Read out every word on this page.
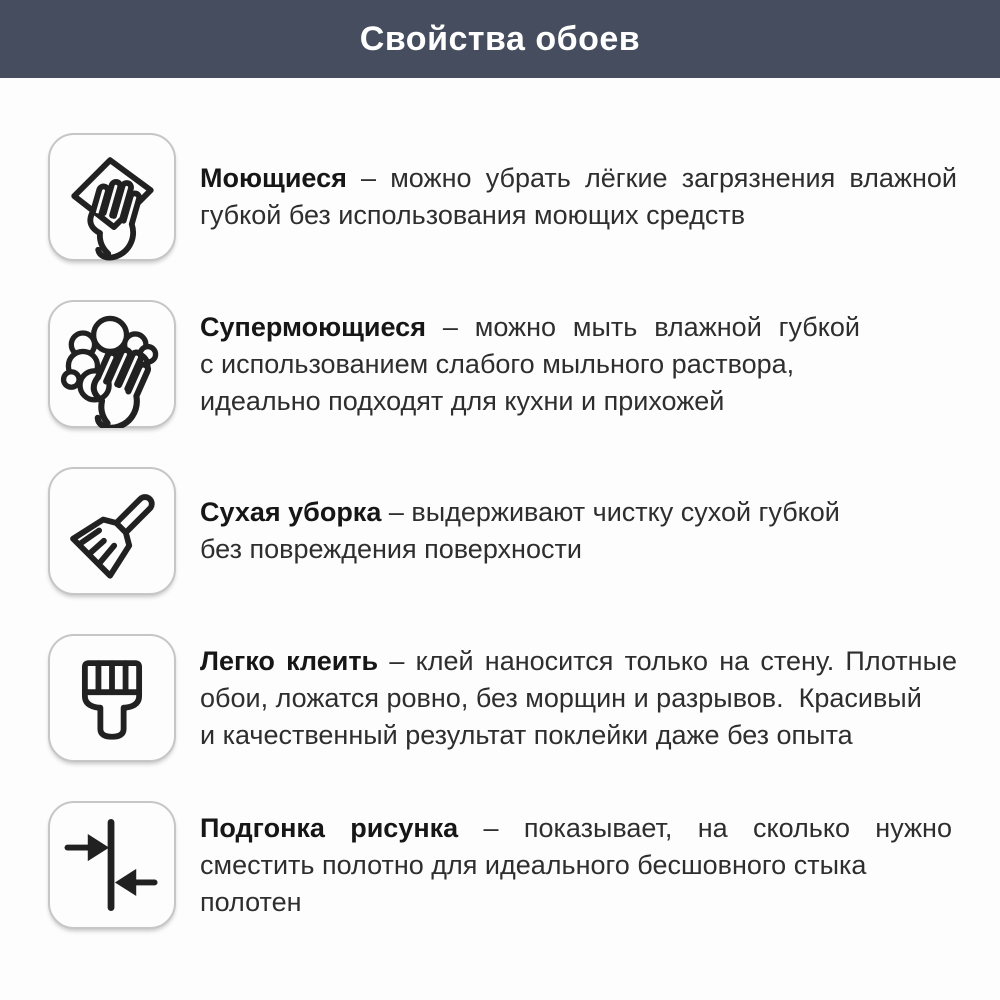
Свойства обоев
Моющиеся – можно убрать лёгкие загрязнения влажной
губкой без использования моющих средств
Супермоющиеся – можно мыть влажной губкой
с использованием слабого мыльного раствора,
идеально подходят для кухни и прихожей
Сухая уборка – выдерживают чистку сухой губкой
без повреждения поверхности
Легко клеить – клей наносится только на стену. Плотные
обои, ложатся ровно, без морщин и разрывов.  Красивый
и качественный результат поклейки даже без опыта
Подгонка рисунка – показывает, на сколько нужно
сместить полотно для идеального бесшовного стыка полотен
